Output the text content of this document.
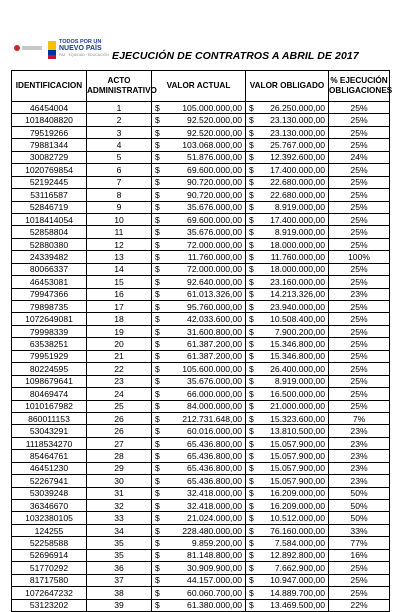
TODOS POR UN
NUEVO PAÍS
PAZ · EQUIDAD · EDUCACIÓN EJECUCIÓN DE CONTRATROS A ABRIL DE 2017
IDENTIFICACION	ACTO ADMINISTRATIVO	VALOR ACTUAL		VALOR OBLIGADO		% EJECUCIÓN OBLIGACIONES
46454004	1	$	105.000.000,00	$	26.250.000,00	25%
1018408820	2	$	92.520.000,00	$	23.130.000,00	25%
79519266	3	$	92.520.000,00	$	23.130.000,00	25%
79881344	4	$	103.068.000,00	$	25.767.000,00	25%
30082729	5	$	51.876.000,00	$	12.392.600,00	24%
1020769854	6	$	69.600.000,00	$	17.400.000,00	25%
52192445	7	$	90.720.000,00	$	22.680.000,00	25%
53116587	8	$	90.720.000,00	$	22.680.000,00	25%
52846719	9	$	35.676.000,00	$	8.919.000,00	25%
1018414054	10	$	69.600.000,00	$	17.400.000,00	25%
52858804	11	$	35.676.000,00	$	8.919.000,00	25%
52880380	12	$	72.000.000,00	$	18.000.000,00	25%
24339482	13	$	11.760.000,00	$	11.760.000,00	100%
80066337	14	$	72.000.000,00	$	18.000.000,00	25%
46453081	15	$	92.640.000,00	$	23.160.000,00	25%
79947366	16	$	61.013.326,00	$	14.213.326,00	23%
79898735	17	$	95.760.000,00	$	23.940.000,00	25%
1072649081	18	$	42.033.600,00	$	10.508.400,00	25%
79998339	19	$	31.600.800,00	$	7.900.200,00	25%
63538251	20	$	61.387.200,00	$	15.346.800,00	25%
79951929	21	$	61.387.200,00	$	15.346.800,00	25%
80224595	22	$	105.600.000,00	$	26.400.000,00	25%
1098679641	23	$	35.676.000,00	$	8.919.000,00	25%
80469474	24	$	66.000.000,00	$	16.500.000,00	25%
1010167982	25	$	84.000.000,00	$	21.000.000,00	25%
860011153	26	$	212.731.648,00	$	15.323.600,00	7%
53043291	26	$	60.016.000,00	$	13.810.500,00	23%
1118534270	27	$	65.436.800,00	$	15.057.900,00	23%
85464761	28	$	65.436.800,00	$	15.057.900,00	23%
46451230	29	$	65.436.800,00	$	15.057.900,00	23%
52267941	30	$	65.436.800,00	$	15.057.900,00	23%
53039248	31	$	32.418.000,00	$	16.209.000,00	50%
36346670	32	$	32.418.000,00	$	16.209.000,00	50%
1032380105	33	$	21.024.000,00	$	10.512.000,00	50%
124255	34	$	228.480.000,00	$	76.160.000,00	33%
52258588	35	$	9.859.200,00	$	7.584.000,00	77%
52696914	35	$	81.148.800,00	$	12.892.800,00	16%
51770292	36	$	30.909.900,00	$	7.662.900,00	25%
81717580	37	$	44.157.000,00	$	10.947.000,00	25%
1072647232	38	$	60.060.700,00	$	14.889.700,00	25%
53123202	39	$	61.380.000,00	$	13.469.500,00	22%
